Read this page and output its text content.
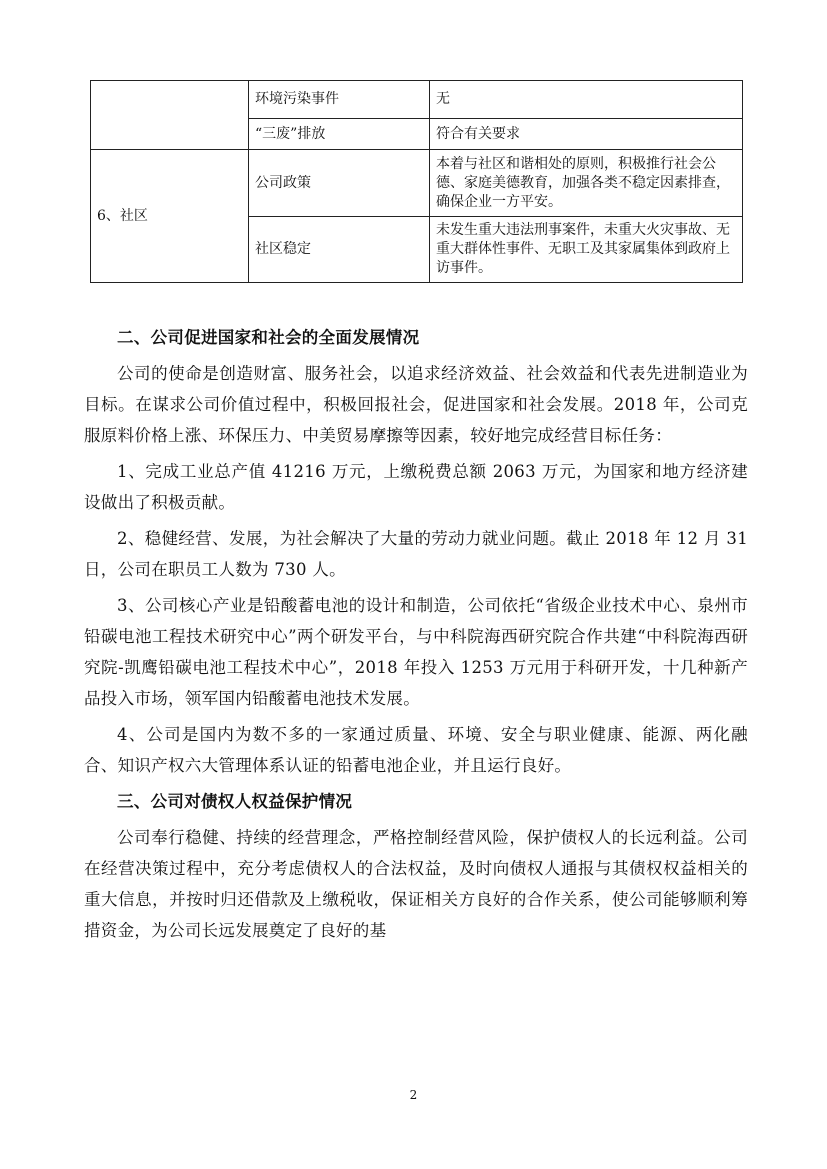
	环境污染事件	无
	“三废”排放	符合有关要求
6、社区	公司政策	本着与社区和谐相处的原则，积极推行社会公德、家庭美德教育，加强各类不稳定因素排查，确保企业一方平安。
	社区稳定	未发生重大违法刑事案件，未重大火灾事故、无重大群体性事件、无职工及其家属集体到政府上访事件。
二、公司促进国家和社会的全面发展情况

公司的使命是创造财富、服务社会，以追求经济效益、社会效益和代表先进制造业为目标。在谋求公司价值过程中，积极回报社会，促进国家和社会发展。2018 年，公司克服原料价格上涨、环保压力、中美贸易摩擦等因素，较好地完成经营目标任务：

1、完成工业总产值 41216 万元，上缴税费总额 2063 万元，为国家和地方经济建设做出了积极贡献。

2、稳健经营、发展，为社会解决了大量的劳动力就业问题。截止 2018 年 12 月 31 日，公司在职员工人数为 730 人。

3、公司核心产业是铅酸蓄电池的设计和制造，公司依托“省级企业技术中心、泉州市铅碳电池工程技术研究中心”两个研发平台，与中科院海西研究院合作共建“中科院海西研究院-凯鹰铅碳电池工程技术中心”，2018 年投入 1253 万元用于科研开发，十几种新产品投入市场，领军国内铅酸蓄电池技术发展。

4、公司是国内为数不多的一家通过质量、环境、安全与职业健康、能源、两化融合、知识产权六大管理体系认证的铅蓄电池企业，并且运行良好。

三、公司对债权人权益保护情况

公司奉行稳健、持续的经营理念，严格控制经营风险，保护债权人的长远利益。公司在经营决策过程中，充分考虑债权人的合法权益，及时向债权人通报与其债权权益相关的重大信息，并按时归还借款及上缴税收，保证相关方良好的合作关系，使公司能够顺利筹措资金，为公司长远发展奠定了良好的基

2
